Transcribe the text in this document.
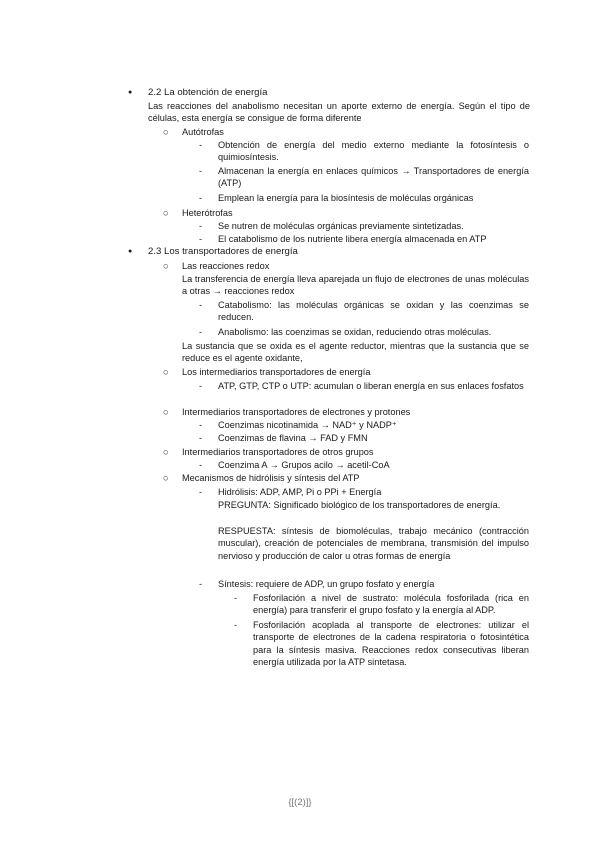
●	2.2 La obtención de energía
Las reacciones del anabolismo necesitan un aporte externo de energía. Según el tipo de células, esta energía se consigue de forma diferente
○	Autótrofas
-	Obtención de energía del medio externo mediante la fotosíntesis o quimiosíntesis.
-	Almacenan la energía en enlaces químicos → Transportadores de energía (ATP)
-	Emplean la energía para la biosíntesis de moléculas orgánicas
○	Heterótrofas
-	Se nutren de moléculas orgánicas previamente sintetizadas.
-	El catabolismo de los nutriente libera energía almacenada en ATP
●	2.3 Los transportadores de energía
○	Las reacciones redox
La transferencia de energía lleva aparejada un flujo de electrones de unas moléculas a otras → reacciones redox
-	Catabolismo: las moléculas orgánicas se oxidan y las coenzimas se reducen.
-	Anabolismo: las coenzimas se oxidan, reduciendo otras moléculas.
La sustancia que se oxida es el agente reductor, mientras que la sustancia que se reduce es el agente oxidante,
○	Los intermediarios transportadores de energía
-	ATP, GTP, CTP o UTP: acumulan o liberan energía en sus enlaces fosfatos
○	Intermediarios transportadores de electrones y protones
-	Coenzimas nicotinamida → NAD⁺ y NADP⁺
-	Coenzimas de flavina → FAD y FMN
○	Intermediarios transportadores de otros grupos
-	Coenzima A → Grupos acilo → acetil-CoA
○	Mecanismos de hidrólisis y síntesis del ATP
-	Hidrólisis: ADP, AMP, Pi o PPi + Energía
PREGUNTA: Significado biológico de los transportadores de energía.
RESPUESTA: síntesis de biomoléculas, trabajo mecánico (contracción muscular), creación de potenciales de membrana, transmisión del impulso nervioso y producción de calor u otras formas de energía
-	Síntesis: requiere de ADP, un grupo fosfato y energía
-	Fosforilación a nivel de sustrato: molécula fosforilada (rica en energía) para transferir el grupo fosfato y la energía al ADP.
-	Fosforilación acoplada al transporte de electrones: utilizar el transporte de electrones de la cadena respiratoria o fotosintética para la síntesis masiva. Reacciones redox consecutivas liberan energía utilizada por la ATP sintetasa.
{[(2)]}
